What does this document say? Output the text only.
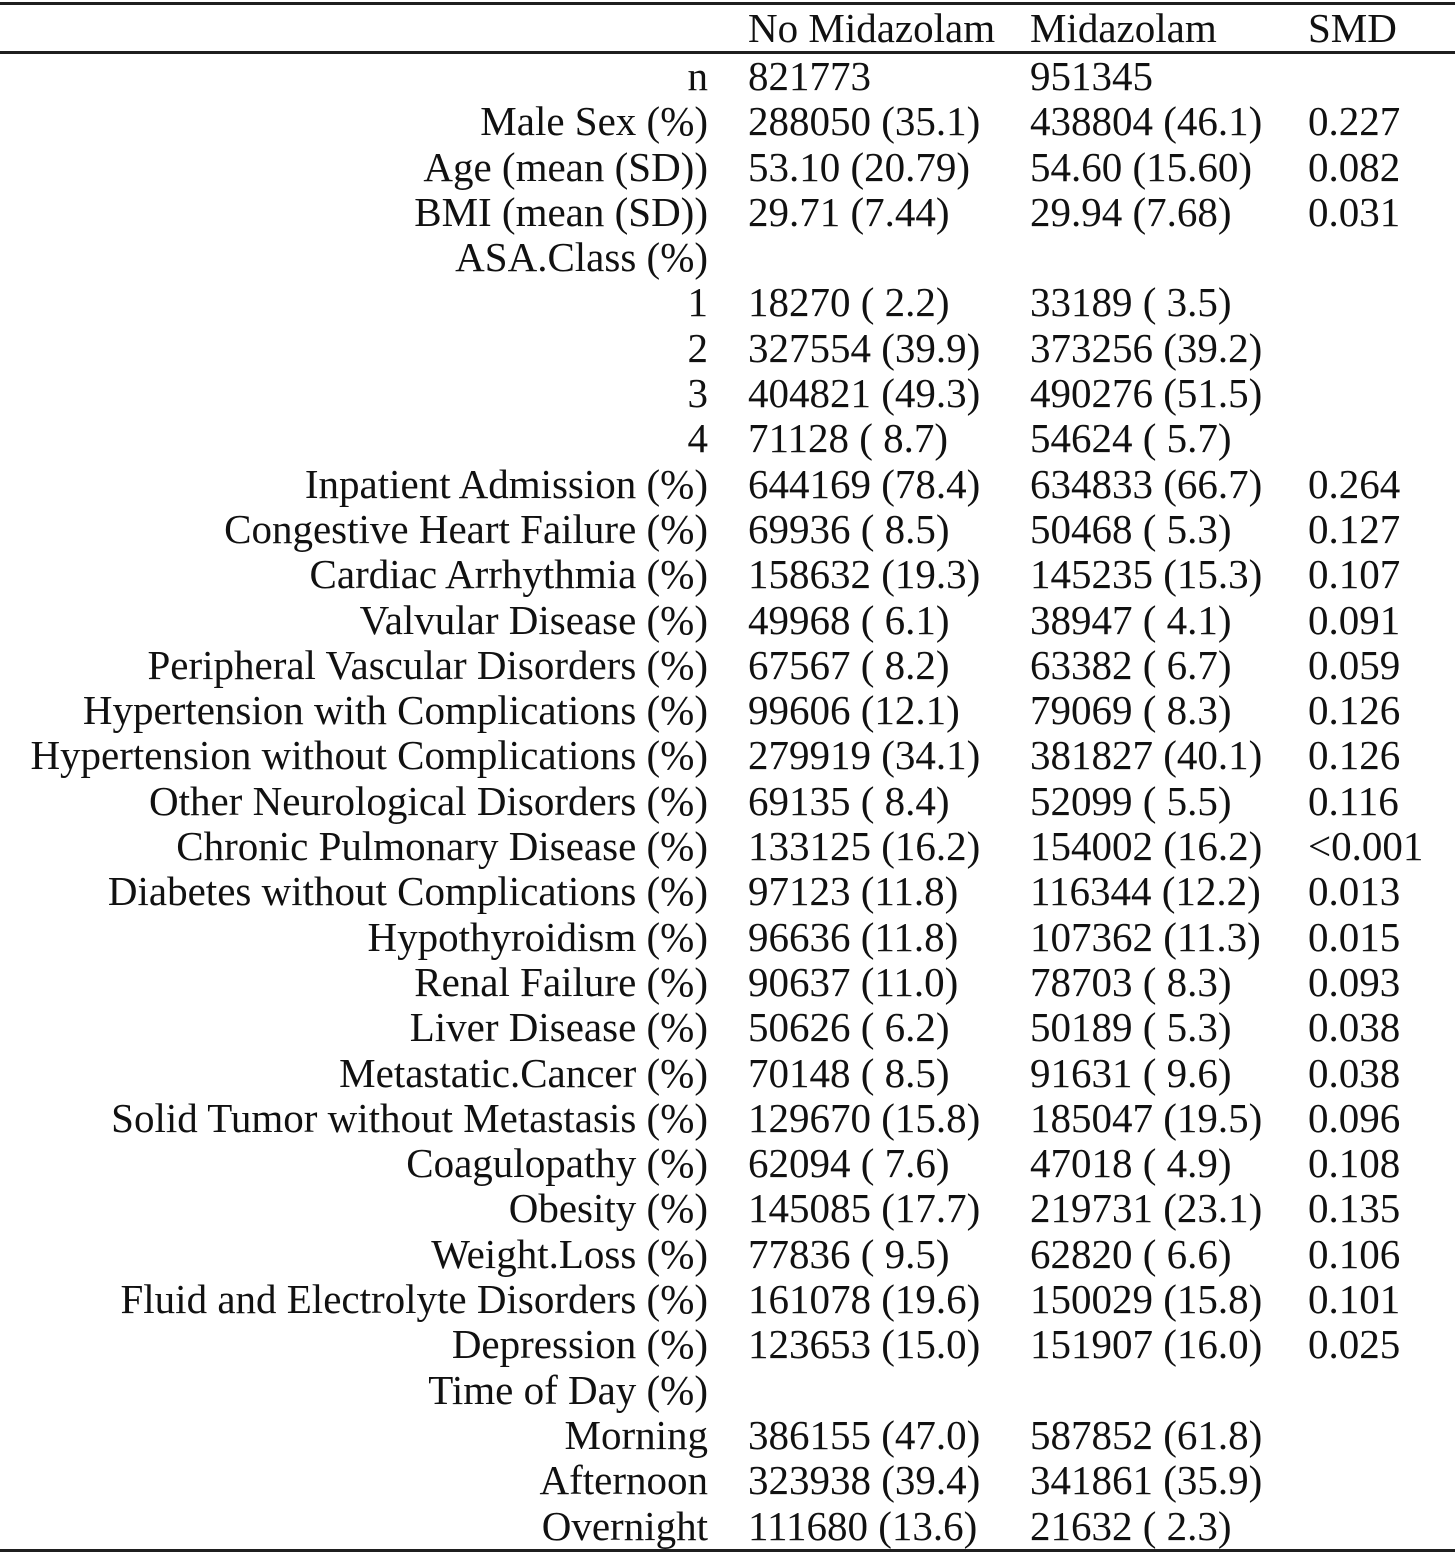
	No Midazolam	Midazolam	SMD
n	821773	951345	
Male Sex (%)	288050 (35.1)	438804 (46.1)	0.227
Age (mean (SD))	53.10 (20.79)	54.60 (15.60)	0.082
BMI (mean (SD))	29.71 (7.44)	29.94 (7.68)	0.031
ASA.Class (%)			
1	18270 ( 2.2)	33189 ( 3.5)	
2	327554 (39.9)	373256 (39.2)	
3	404821 (49.3)	490276 (51.5)	
4	71128 ( 8.7)	54624 ( 5.7)	
Inpatient Admission (%)	644169 (78.4)	634833 (66.7)	0.264
Congestive Heart Failure (%)	69936 ( 8.5)	50468 ( 5.3)	0.127
Cardiac Arrhythmia (%)	158632 (19.3)	145235 (15.3)	0.107
Valvular Disease (%)	49968 ( 6.1)	38947 ( 4.1)	0.091
Peripheral Vascular Disorders (%)	67567 ( 8.2)	63382 ( 6.7)	0.059
Hypertension with Complications (%)	99606 (12.1)	79069 ( 8.3)	0.126
Hypertension without Complications (%)	279919 (34.1)	381827 (40.1)	0.126
Other Neurological Disorders (%)	69135 ( 8.4)	52099 ( 5.5)	0.116
Chronic Pulmonary Disease (%)	133125 (16.2)	154002 (16.2)	<0.001
Diabetes without Complications (%)	97123 (11.8)	116344 (12.2)	0.013
Hypothyroidism (%)	96636 (11.8)	107362 (11.3)	0.015
Renal Failure (%)	90637 (11.0)	78703 ( 8.3)	0.093
Liver Disease (%)	50626 ( 6.2)	50189 ( 5.3)	0.038
Metastatic.Cancer (%)	70148 ( 8.5)	91631 ( 9.6)	0.038
Solid Tumor without Metastasis (%)	129670 (15.8)	185047 (19.5)	0.096
Coagulopathy (%)	62094 ( 7.6)	47018 ( 4.9)	0.108
Obesity (%)	145085 (17.7)	219731 (23.1)	0.135
Weight.Loss (%)	77836 ( 9.5)	62820 ( 6.6)	0.106
Fluid and Electrolyte Disorders (%)	161078 (19.6)	150029 (15.8)	0.101
Depression (%)	123653 (15.0)	151907 (16.0)	0.025
Time of Day (%)			
Morning	386155 (47.0)	587852 (61.8)	
Afternoon	323938 (39.4)	341861 (35.9)	
Overnight	111680 (13.6)	21632 ( 2.3)	
